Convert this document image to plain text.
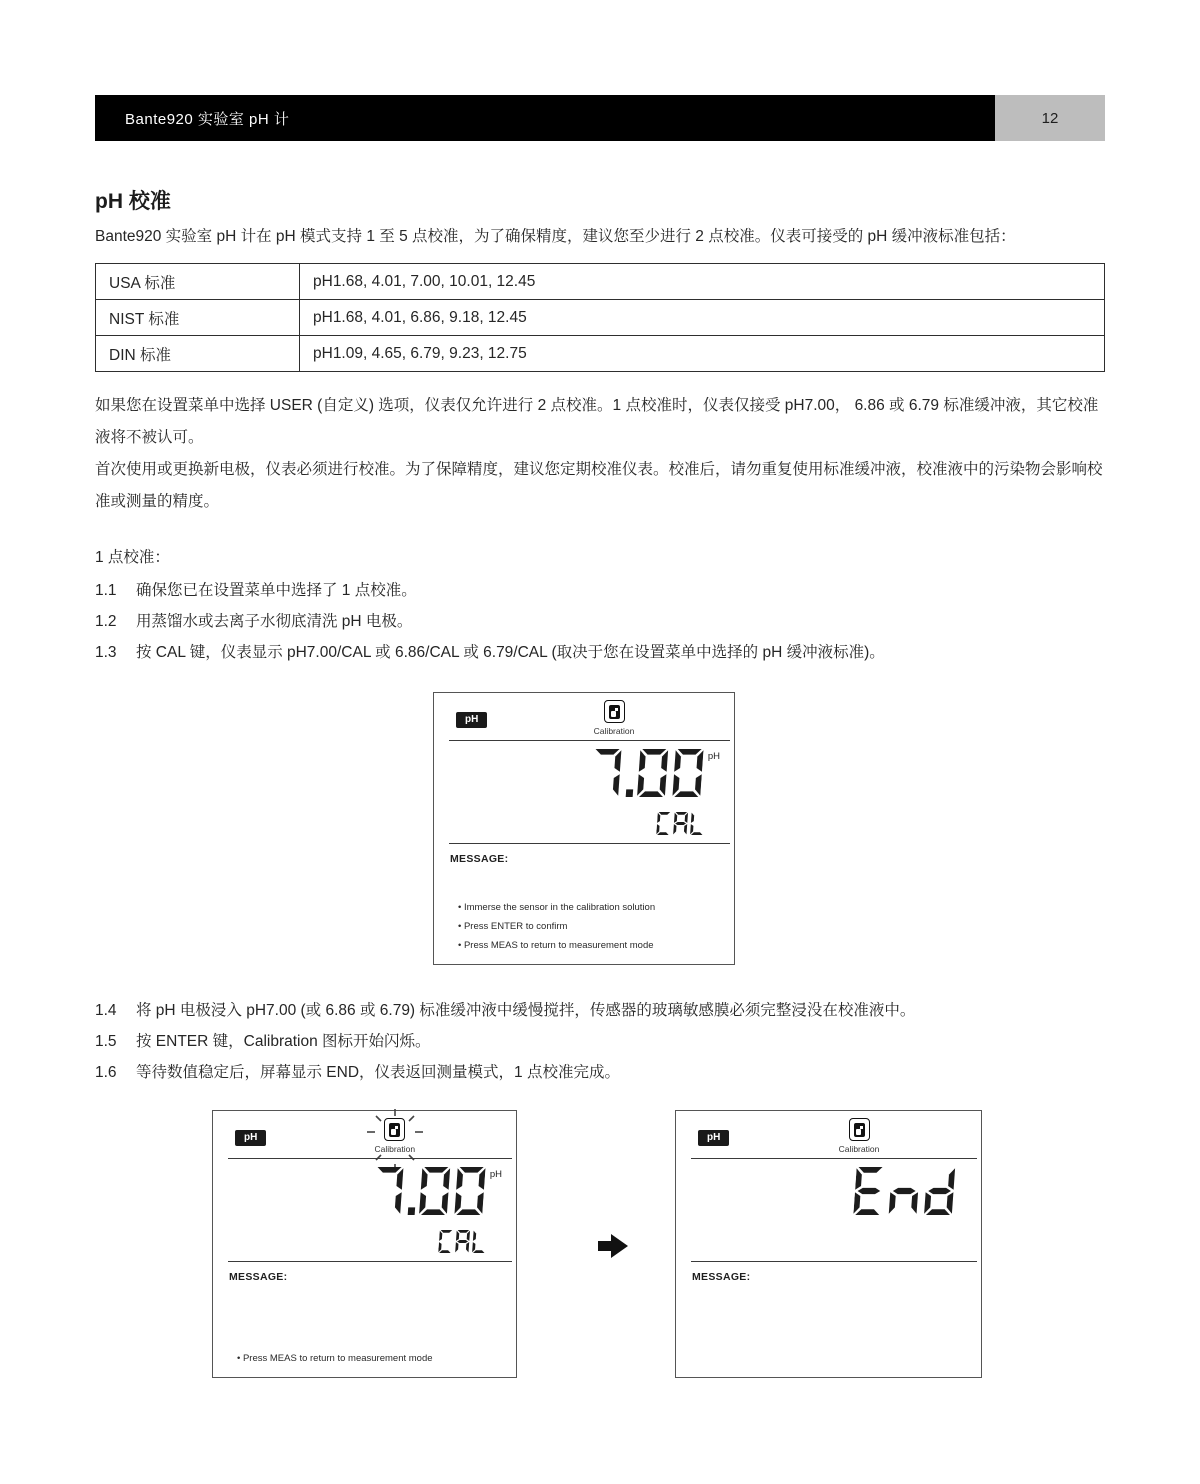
Bante920 实验室 pH 计	12
pH 校准
Bante920 实验室 pH 计在 pH 模式支持 1 至 5 点校准，为了确保精度，建议您至少进行 2 点校准。仪表可接受的 pH 缓冲液标准包括：
USA 标准	pH1.68, 4.01, 7.00, 10.01, 12.45
NIST 标准	pH1.68, 4.01, 6.86, 9.18, 12.45
DIN 标准	pH1.09, 4.65, 6.79, 9.23, 12.75

如果您在设置菜单中选择 USER (自定义) 选项，仪表仅允许进行 2 点校准。1 点校准时，仪表仅接受 pH7.00， 6.86 或 6.79 标准缓冲液，其它校准液将不被认可。

首次使用或更换新电极，仪表必须进行校准。为了保障精度，建议您定期校准仪表。校准后，请勿重复使用标准缓冲液，校准液中的污染物会影响校准或测量的精度。

1 点校准：
1.1	确保您已在设置菜单中选择了 1 点校准。
1.2	用蒸馏水或去离子水彻底清洗 pH 电极。
1.3	按 CAL 键，仪表显示 pH7.00/CAL 或 6.86/CAL 或 6.79/CAL (取决于您在设置菜单中选择的 pH 缓冲液标准)。
pH
Calibration
pH
MESSAGE:
• Immerse the sensor in the calibration solution
• Press ENTER to confirm
• Press MEAS to return to measurement mode
1.4	将 pH 电极浸入 pH7.00 (或 6.86 或 6.79) 标准缓冲液中缓慢搅拌，传感器的玻璃敏感膜必须完整浸没在校准液中。
1.5	按 ENTER 键，Calibration 图标开始闪烁。
1.6	等待数值稳定后，屏幕显示 END，仪表返回测量模式，1 点校准完成。
pH
Calibration
pH
MESSAGE:
• Press MEAS to return to measurement mode
pH
Calibration
MESSAGE:
